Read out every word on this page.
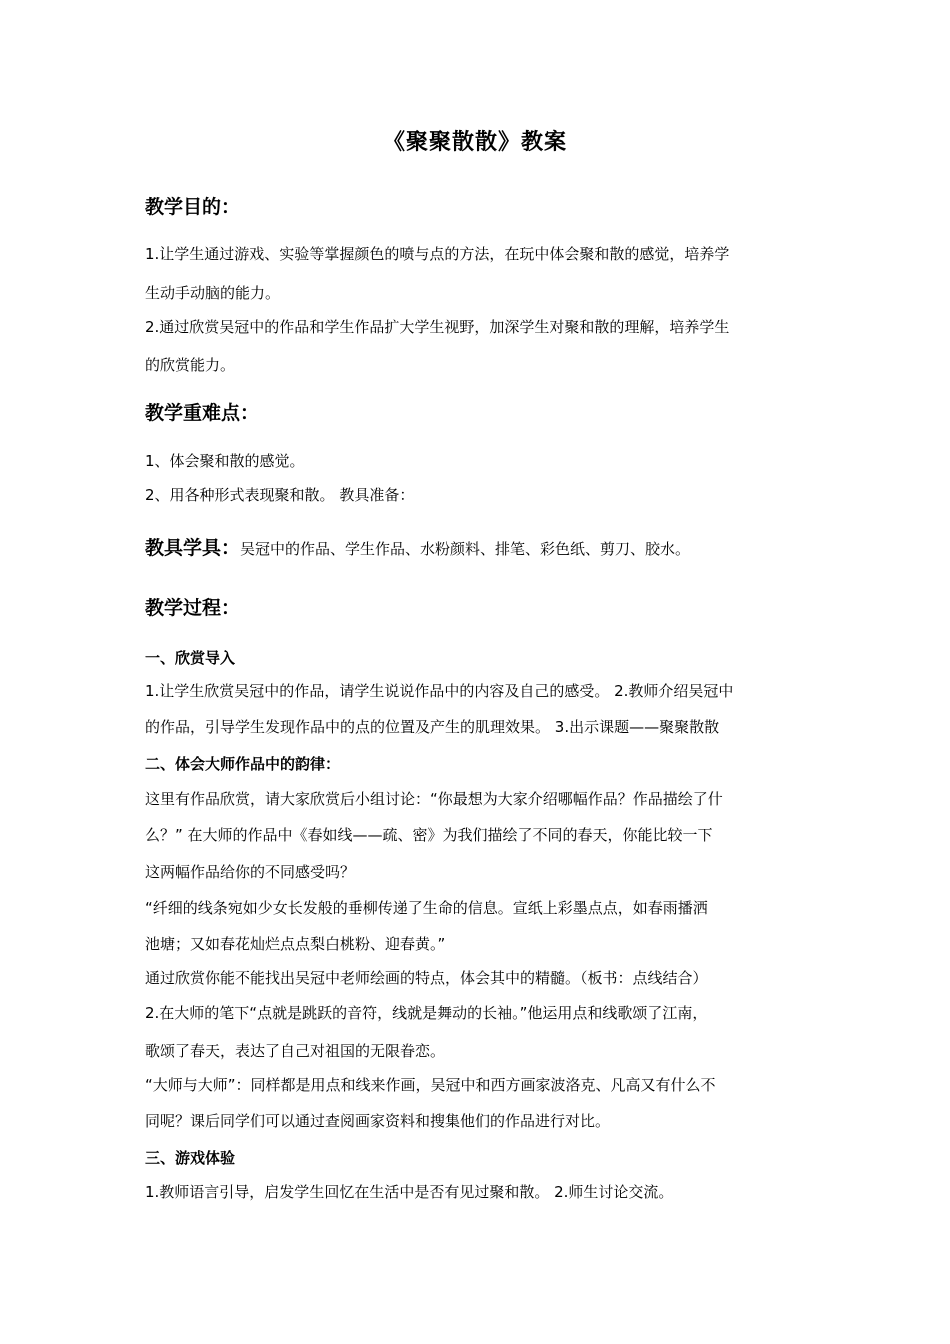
《聚聚散散》教案
教学目的：
1.让学生通过游戏、实验等掌握颜色的喷与点的方法，在玩中体会聚和散的感觉，培养学
生动手动脑的能力。
2.通过欣赏吴冠中的作品和学生作品扩大学生视野，加深学生对聚和散的理解，培养学生
的欣赏能力。
教学重难点：
1、体会聚和散的感觉。
2、用各种形式表现聚和散。 教具准备：
教具学具：吴冠中的作品、学生作品、水粉颜料、排笔、彩色纸、剪刀、胶水。
教学过程：
一、欣赏导入
1.让学生欣赏吴冠中的作品，请学生说说作品中的内容及自己的感受。 2.教师介绍吴冠中
的作品，引导学生发现作品中的点的位置及产生的肌理效果。 3.出示课题——聚聚散散
二、体会大师作品中的韵律：
这里有作品欣赏，请大家欣赏后小组讨论：“你最想为大家介绍哪幅作品？作品描绘了什
么？” 在大师的作品中《春如线——疏、密》为我们描绘了不同的春天，你能比较一下
这两幅作品给你的不同感受吗？
“纤细的线条宛如少女长发般的垂柳传递了生命的信息。宣纸上彩墨点点，如春雨播洒
池塘；又如春花灿烂点点梨白桃粉、迎春黄。”
通过欣赏你能不能找出吴冠中老师绘画的特点，体会其中的精髓。（板书：点线结合）
2.在大师的笔下“点就是跳跃的音符，线就是舞动的长袖。”他运用点和线歌颂了江南，
歌颂了春天，表达了自己对祖国的无限眷恋。
“大师与大师”：同样都是用点和线来作画，吴冠中和西方画家波洛克、凡高又有什么不
同呢？课后同学们可以通过查阅画家资料和搜集他们的作品进行对比。
三、游戏体验
1.教师语言引导，启发学生回忆在生活中是否有见过聚和散。 2.师生讨论交流。
